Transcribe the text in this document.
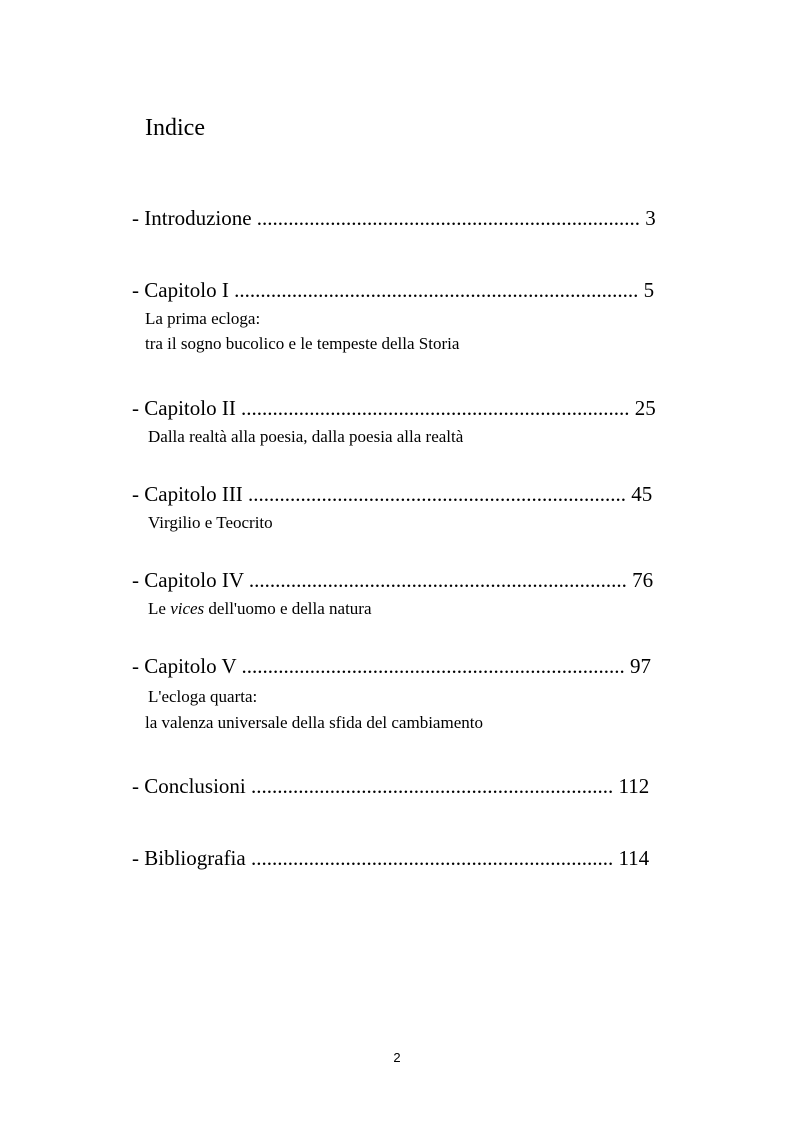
Indice
- Introduzione ......................................................................... 3
- Capitolo I ............................................................................. 5
La prima ecloga:
tra il sogno bucolico e le tempeste della Storia
- Capitolo II .......................................................................... 25
Dalla realtà alla poesia, dalla poesia alla realtà
- Capitolo III ........................................................................ 45
Virgilio e Teocrito
- Capitolo IV ........................................................................ 76
Le vices dell'uomo e della natura
- Capitolo V ......................................................................... 97
L'ecloga quarta:
la valenza universale della sfida del cambiamento
- Conclusioni ..................................................................... 112
- Bibliografia ..................................................................... 114
2
